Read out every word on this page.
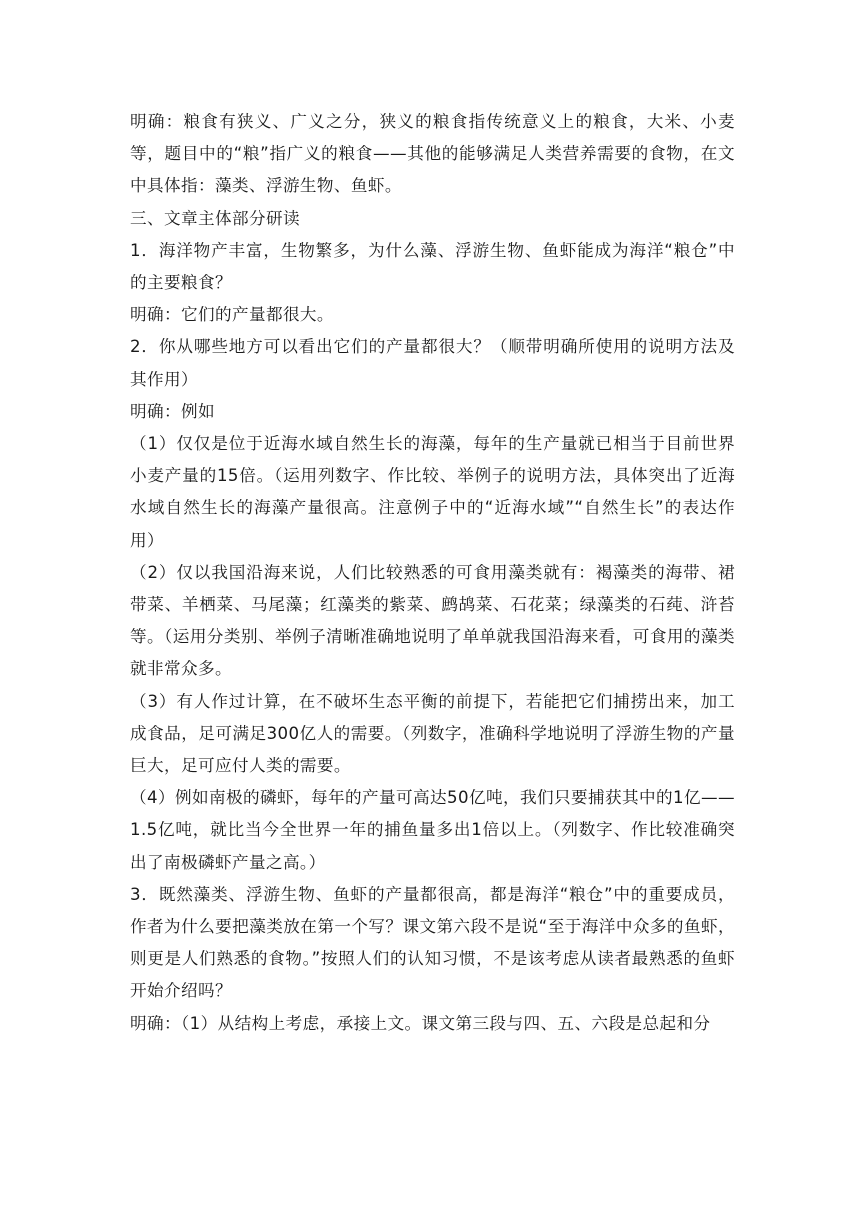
明确：粮食有狭义、广义之分，狭义的粮食指传统意义上的粮食，大米、小麦等，题目中的“粮”指广义的粮食——其他的能够满足人类营养需要的食物，在文中具体指：藻类、浮游生物、鱼虾。

三、文章主体部分研读

1．海洋物产丰富，生物繁多，为什么藻、浮游生物、鱼虾能成为海洋“粮仓”中的主要粮食？

明确：它们的产量都很大。

2．你从哪些地方可以看出它们的产量都很大？（顺带明确所使用的说明方法及其作用）

明确：例如

（1）仅仅是位于近海水域自然生长的海藻，每年的生产量就已相当于目前世界小麦产量的15倍。（运用列数字、作比较、举例子的说明方法，具体突出了近海水域自然生长的海藻产量很高。注意例子中的“近海水域”“自然生长”的表达作用）

（2）仅以我国沿海来说，人们比较熟悉的可食用藻类就有：褐藻类的海带、裙带菜、羊栖菜、马尾藻；红藻类的紫菜、鹧鸪菜、石花菜；绿藻类的石莼、浒苔等。（运用分类别、举例子清晰准确地说明了单单就我国沿海来看，可食用的藻类就非常众多。

（3）有人作过计算，在不破坏生态平衡的前提下，若能把它们捕捞出来，加工成食品，足可满足300亿人的需要。（列数字，准确科学地说明了浮游生物的产量巨大，足可应付人类的需要。

（4）例如南极的磷虾，每年的产量可高达50亿吨，我们只要捕获其中的1亿——1.5亿吨，就比当今全世界一年的捕鱼量多出1倍以上。（列数字、作比较准确突出了南极磷虾产量之高。）

3．既然藻类、浮游生物、鱼虾的产量都很高，都是海洋“粮仓”中的重要成员，作者为什么要把藻类放在第一个写？课文第六段不是说“至于海洋中众多的鱼虾，则更是人们熟悉的食物。”按照人们的认知习惯，不是该考虑从读者最熟悉的鱼虾开始介绍吗？

明确：（1）从结构上考虑，承接上文。课文第三段与四、五、六段是总起和分
